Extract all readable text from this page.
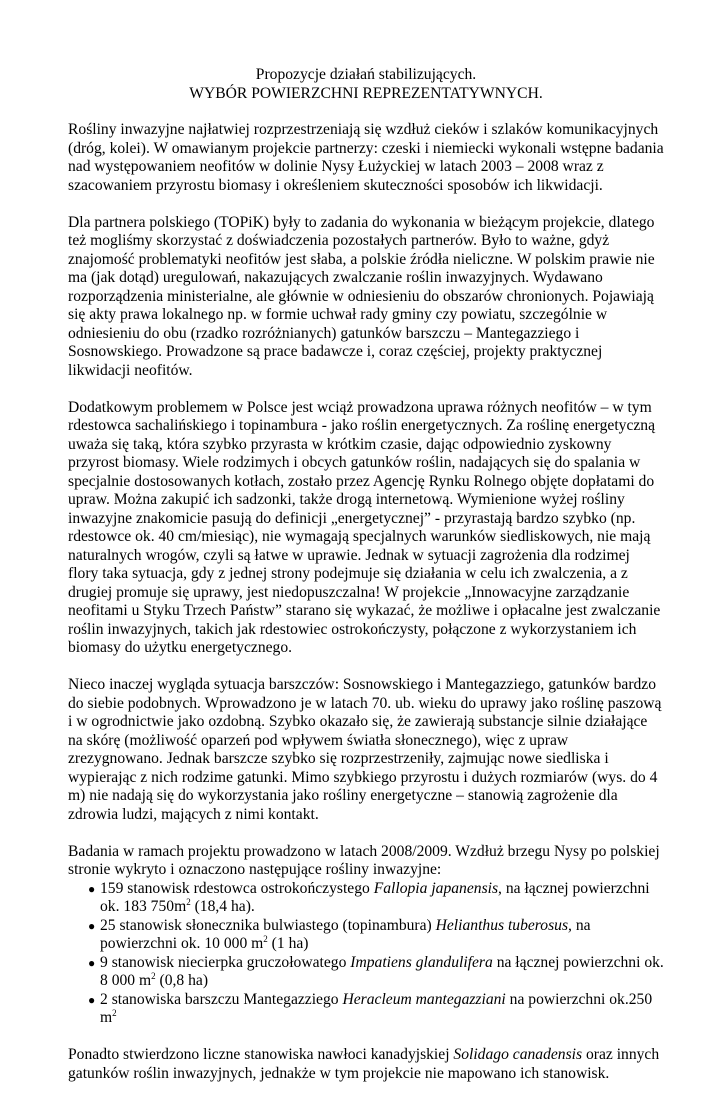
Propozycje działań stabilizujących.
WYBÓR POWIERZCHNI REPREZENTATYWNYCH.

Rośliny inwazyjne najłatwiej rozprzestrzeniają się wzdłuż cieków i szlaków komunikacyjnych (dróg, kolei). W omawianym projekcie partnerzy: czeski i niemiecki wykonali wstępne badania nad występowaniem neofitów w dolinie Nysy Łużyckiej w latach 2003 – 2008 wraz z szacowaniem przyrostu biomasy i określeniem skuteczności sposobów ich likwidacji.

Dla partnera polskiego (TOPiK) były to zadania do wykonania w bieżącym projekcie, dlatego też mogliśmy skorzystać z doświadczenia pozostałych partnerów. Było to ważne, gdyż znajomość problematyki neofitów jest słaba, a polskie źródła nieliczne. W polskim prawie nie ma (jak dotąd) uregulowań, nakazujących zwalczanie roślin inwazyjnych. Wydawano rozporządzenia ministerialne, ale głównie w odniesieniu do obszarów chronionych. Pojawiają się akty prawa lokalnego np. w formie uchwał rady gminy czy powiatu, szczególnie w odniesieniu do obu (rzadko rozróżnianych) gatunków barszczu – Mantegazziego i Sosnowskiego. Prowadzone są prace badawcze i, coraz częściej, projekty praktycznej likwidacji neofitów.

Dodatkowym problemem w Polsce jest wciąż prowadzona uprawa różnych neofitów – w tym rdestowca sachalińskiego i topinambura - jako roślin energetycznych. Za roślinę energetyczną uważa się taką, która szybko przyrasta w krótkim czasie, dając odpowiednio zyskowny przyrost biomasy. Wiele rodzimych i obcych gatunków roślin, nadających się do spalania w specjalnie dostosowanych kotłach, zostało przez Agencję Rynku Rolnego objęte dopłatami do upraw. Można zakupić ich sadzonki, także drogą internetową. Wymienione wyżej rośliny inwazyjne znakomicie pasują do definicji „energetycznej” - przyrastają bardzo szybko (np. rdestowce ok. 40 cm/miesiąc), nie wymagają specjalnych warunków siedliskowych, nie mają naturalnych wrogów, czyli są łatwe w uprawie. Jednak w sytuacji zagrożenia dla rodzimej flory taka sytuacja, gdy z jednej strony podejmuje się działania w celu ich zwalczenia, a z drugiej promuje się uprawy, jest niedopuszczalna! W projekcie „Innowacyjne zarządzanie neofitami u Styku Trzech Państw” starano się wykazać, że możliwe i opłacalne jest zwalczanie roślin inwazyjnych, takich jak rdestowiec ostrokończysty, połączone z wykorzystaniem ich biomasy do użytku energetycznego.

Nieco inaczej wygląda sytuacja barszczów: Sosnowskiego i Mantegazziego, gatunków bardzo do siebie podobnych. Wprowadzono je w latach 70. ub. wieku do uprawy jako roślinę paszową i w ogrodnictwie jako ozdobną. Szybko okazało się, że zawierają substancje silnie działające na skórę (możliwość oparzeń pod wpływem światła słonecznego), więc z upraw zrezygnowano. Jednak barszcze szybko się rozprzestrzeniły, zajmując nowe siedliska i wypierając z nich rodzime gatunki. Mimo szybkiego przyrostu i dużych rozmiarów (wys. do 4 m) nie nadają się do wykorzystania jako rośliny energetyczne – stanowią zagrożenie dla zdrowia ludzi, mających z nimi kontakt.

Badania w ramach projektu prowadzono w latach 2008/2009. Wzdłuż brzegu Nysy po polskiej stronie wykryto i oznaczono następujące rośliny inwazyjne:

● 159 stanowisk rdestowca ostrokończystego Fallopia japanensis, na łącznej powierzchni ok. 183 $750m^2$ (18,4 ha).
● 25 stanowisk słonecznika bulwiastego (topinambura) Helianthus tuberosus, na powierzchni ok. 10 000 $m^2$ (1 ha)
● 9 stanowisk niecierpka gruczołowatego Impatiens glandulifera na łącznej powierzchni ok. 8 000 $m^2$ (0,8 ha)
● 2 stanowiska barszczu Mantegazziego Heracleum mantegazziani na powierzchni ok.250 $m^2$

Ponadto stwierdzono liczne stanowiska nawłoci kanadyjskiej Solidago canadensis oraz innych gatunków roślin inwazyjnych, jednakże w tym projekcie nie mapowano ich stanowisk.
